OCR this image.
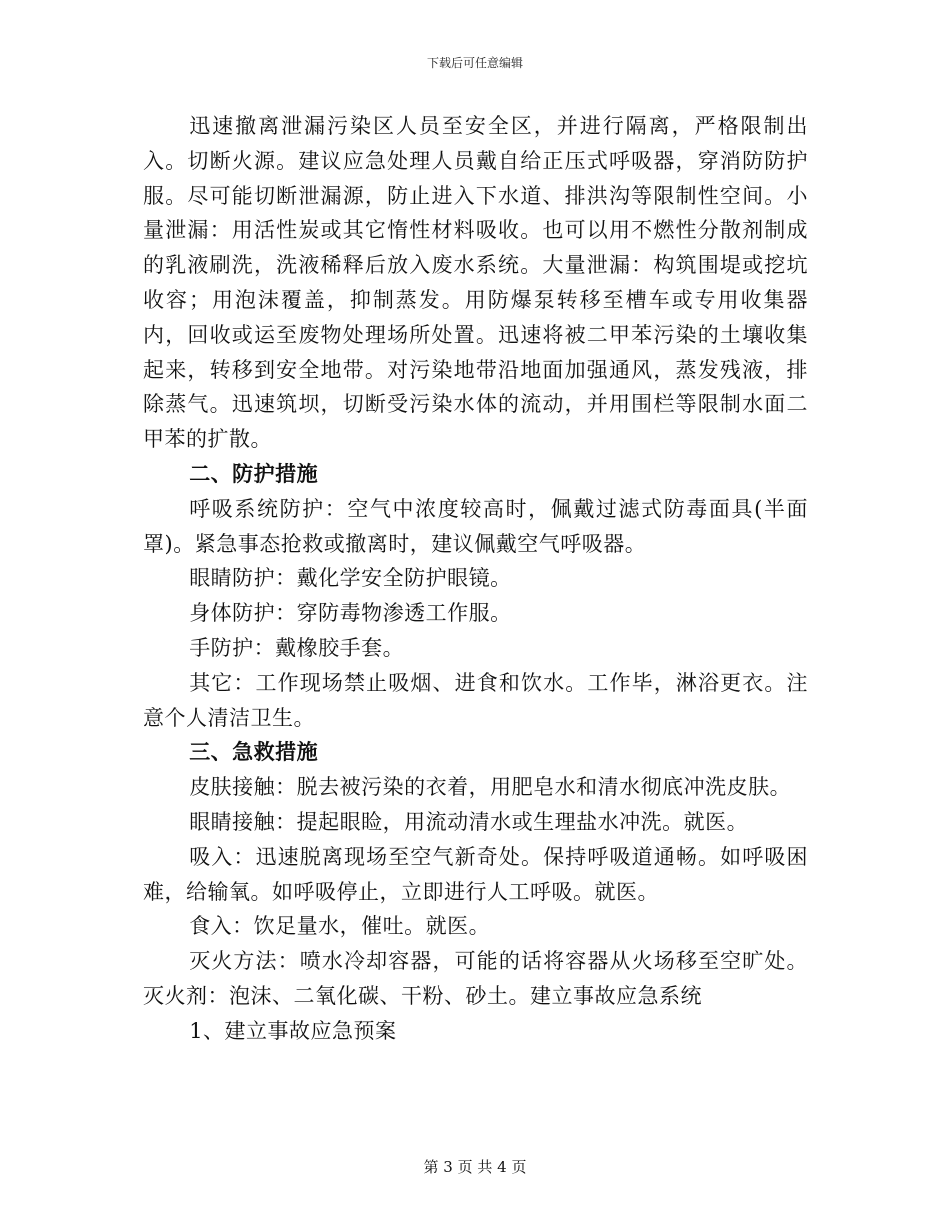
下载后可任意编辑

迅速撤离泄漏污染区人员至安全区，并进行隔离，严格限制出入。切断火源。建议应急处理人员戴自给正压式呼吸器，穿消防防护服。尽可能切断泄漏源，防止进入下水道、排洪沟等限制性空间。小量泄漏：用活性炭或其它惰性材料吸收。也可以用不燃性分散剂制成的乳液刷洗，洗液稀释后放入废水系统。大量泄漏：构筑围堤或挖坑收容；用泡沫覆盖，抑制蒸发。用防爆泵转移至槽车或专用收集器内，回收或运至废物处理场所处置。迅速将被二甲苯污染的土壤收集起来，转移到安全地带。对污染地带沿地面加强通风，蒸发残液，排除蒸气。迅速筑坝，切断受污染水体的流动，并用围栏等限制水面二甲苯的扩散。

二、防护措施

呼吸系统防护：空气中浓度较高时，佩戴过滤式防毒面具(半面罩)。紧急事态抢救或撤离时，建议佩戴空气呼吸器。

眼睛防护：戴化学安全防护眼镜。

身体防护：穿防毒物渗透工作服。

手防护：戴橡胶手套。

其它：工作现场禁止吸烟、进食和饮水。工作毕，淋浴更衣。注意个人清洁卫生。

三、急救措施

皮肤接触：脱去被污染的衣着，用肥皂水和清水彻底冲洗皮肤。

眼睛接触：提起眼睑，用流动清水或生理盐水冲洗。就医。

吸入：迅速脱离现场至空气新奇处。保持呼吸道通畅。如呼吸困难，给输氧。如呼吸停止，立即进行人工呼吸。就医。

食入：饮足量水，催吐。就医。

灭火方法：喷水冷却容器，可能的话将容器从火场移至空旷处。灭火剂：泡沫、二氧化碳、干粉、砂土。建立事故应急系统

1、建立事故应急预案

第 3 页 共 4 页
